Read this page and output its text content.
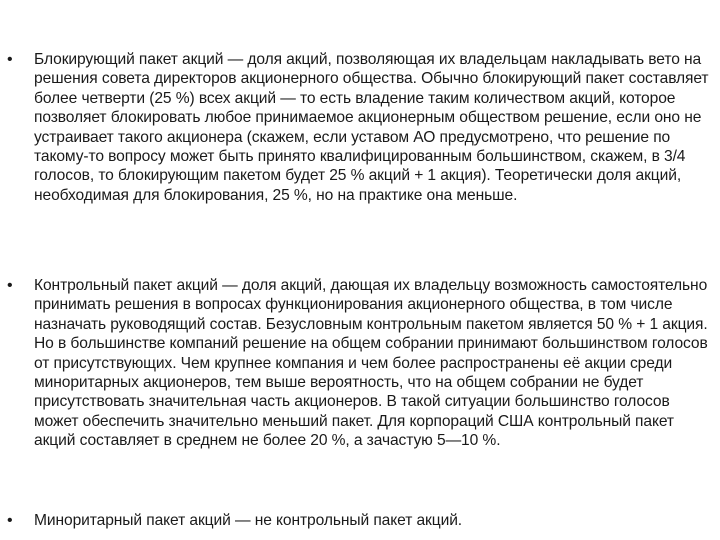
• Блокирующий пакет акций — доля акций, позволяющая их владельцам накладывать вето на решения совета директоров акционерного общества. Обычно блокирующий пакет составляет более четверти (25 %) всех акций — то есть владение таким количеством акций, которое позволяет блокировать любое принимаемое акционерным обществом решение, если оно не устраивает такого акционера (скажем, если уставом АО предусмотрено, что решение по такому-то вопросу может быть принято квалифицированным большинством, скажем, в 3/4 голосов, то блокирующим пакетом будет 25 % акций + 1 акция). Теоретически доля акций, необходимая для блокирования, 25 %, но на практике она меньше.
• Контрольный пакет акций — доля акций, дающая их владельцу возможность самостоятельно принимать решения в вопросах функционирования акционерного общества, в том числе назначать руководящий состав. Безусловным контрольным пакетом является 50 % + 1 акция. Но в большинстве компаний решение на общем собрании принимают большинством голосов от присутствующих. Чем крупнее компания и чем более распространены её акции среди миноритарных акционеров, тем выше вероятность, что на общем собрании не будет присутствовать значительная часть акционеров. В такой ситуации большинство голосов может обеспечить значительно меньший пакет. Для корпораций США контрольный пакет акций составляет в среднем не более 20 %, а зачастую 5—10 %.
• Миноритарный пакет акций — не контрольный пакет акций.
